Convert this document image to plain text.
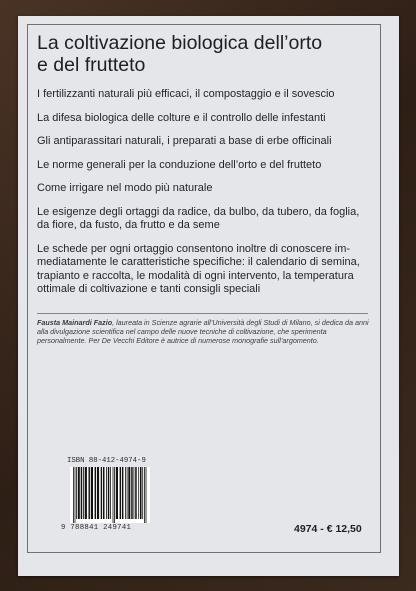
La coltivazione biologica dell’orto
e del frutteto
I fertilizzanti naturali più efficaci, il compostaggio e il sovescio
La difesa biologica delle colture e il controllo delle infestanti
Gli antiparassitari naturali, i preparati a base di erbe officinali
Le norme generali per la conduzione dell’orto e del frutteto
Come irrigare nel modo più naturale
Le esigenze degli ortaggi da radice, da bulbo, da tubero, da foglia,
da fiore, da fusto, da frutto e da seme
Le schede per ogni ortaggio consentono inoltre di conoscere im-
mediatamente le caratteristiche specifiche: il calendario di semina,
trapianto e raccolta, le modalità di ogni intervento, la temperatura
ottimale di coltivazione e tanti consigli speciali

Fausta Mainardi Fazio, laureata in Scienze agrarie all’Università degli Studi di Milano, si dedica da anni alla divulgazione scientifica nel campo delle nuove tecniche di coltivazione, che sperimenta personalmente. Per De Vecchi Editore è autrice di numerose monografie sull’argomento.

ISBN 88-412-4974-9

9 788841 249741	4974 - € 12,50
